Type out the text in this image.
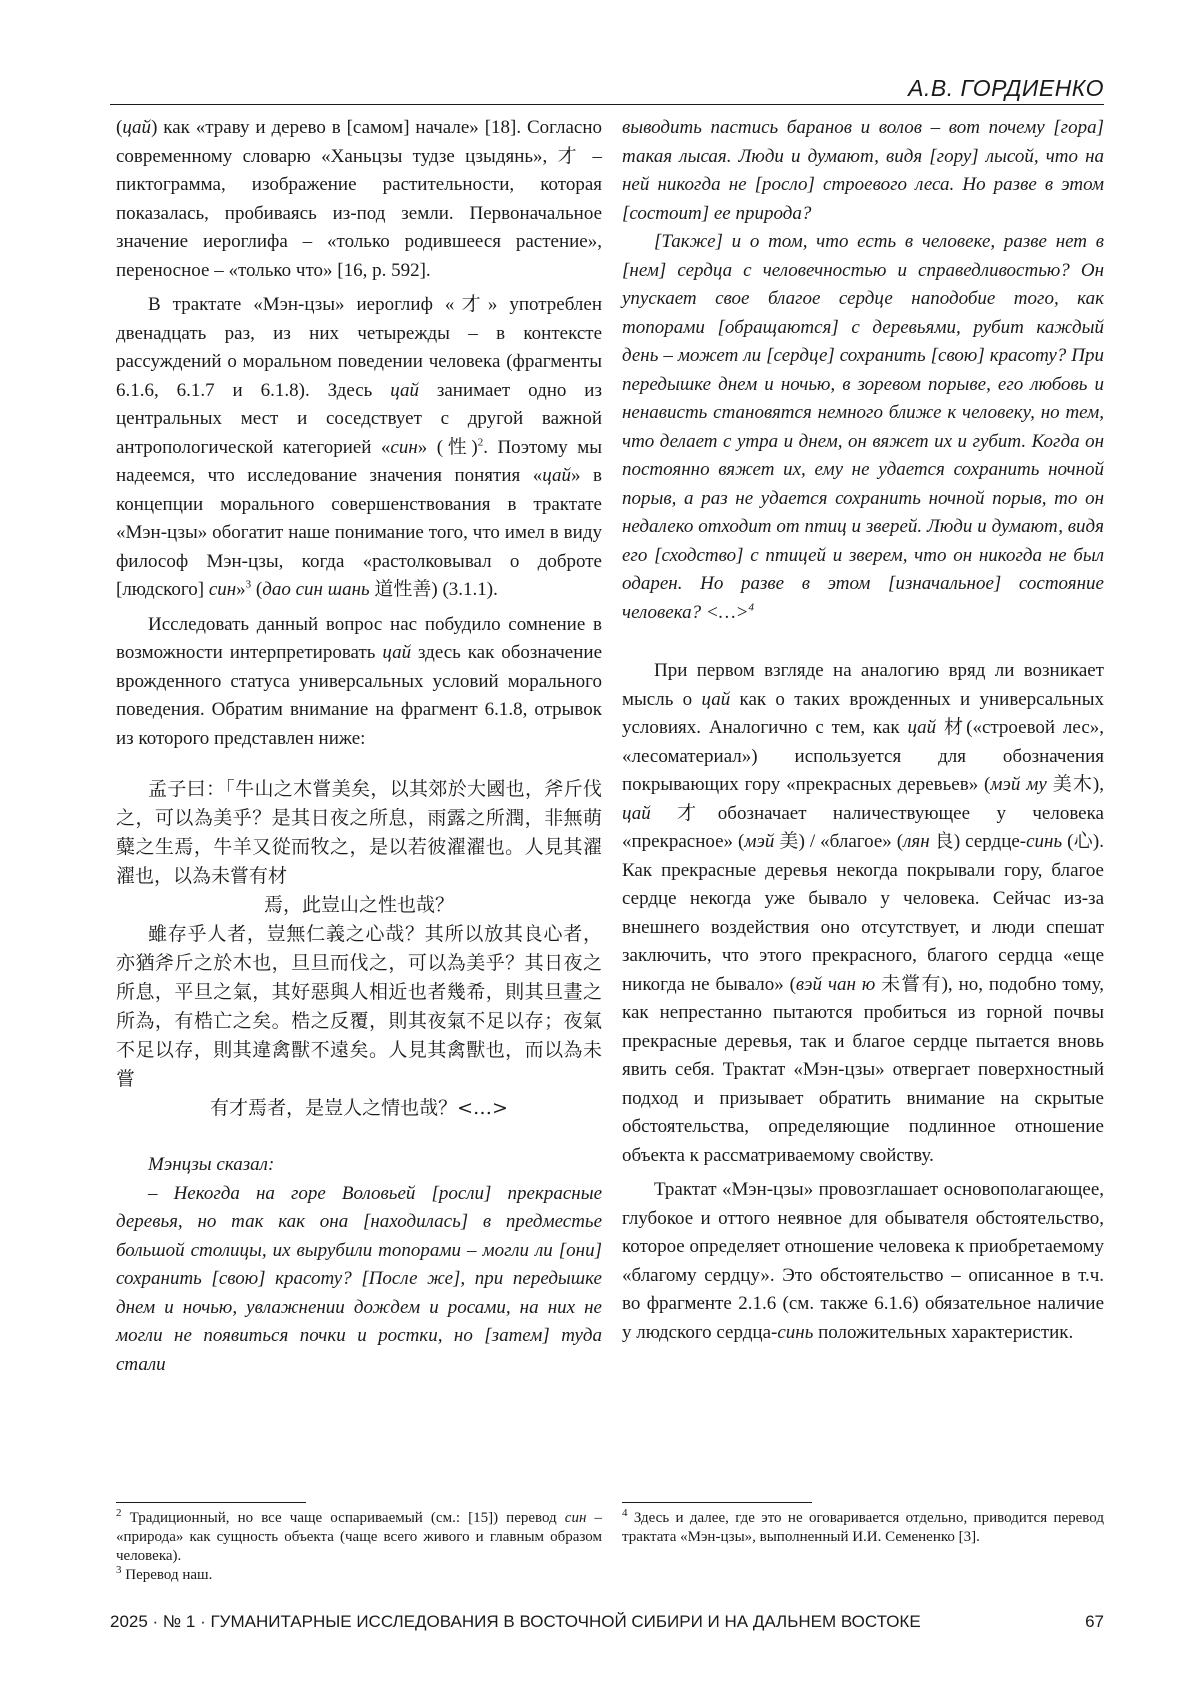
А.В. ГОРДИЕНКО

(цай) как «траву и дерево в [самом] начале» [18]. Согласно современному словарю «Ханьцзы тудзе цзыдянь», 才 – пиктограмма, изображение растительности, которая показалась, пробиваясь из-под земли. Первоначальное значение иероглифа – «только родившееся растение», переносное – «только что» [16, p. 592].

В трактате «Мэн-цзы» иероглиф «才» употреблен двенадцать раз, из них четырежды – в контексте рассуждений о моральном поведении человека (фрагменты 6.1.6, 6.1.7 и 6.1.8). Здесь цай занимает одно из центральных мест и соседствует с другой важной антропологической категорией «син» (性)$^2$. Поэтому мы надеемся, что исследование значения понятия «цай» в концепции морального совершенствования в трактате «Мэн-цзы» обогатит наше понимание того, что имел в виду философ Мэн-цзы, когда «растолковывал о доброте [людского] син»$^3$ (дао син шань 道性善) (3.1.1).

Исследовать данный вопрос нас побудило сомнение в возможности интерпретировать цай здесь как обозначение врожденного статуса универсальных условий морального поведения. Обратим внимание на фрагмент 6.1.8, отрывок из которого представлен ниже:

孟子曰：「牛山之木嘗美矣，以其郊於大國也，斧斤伐之，可以為美乎？是其日夜之所息，雨露之所潤，非無萌糵之生焉，牛羊又從而牧之，是以若彼濯濯也。人見其濯濯也，以為未嘗有材

焉，此豈山之性也哉？

雖存乎人者，豈無仁義之心哉？其所以放其良心者，亦猶斧斤之於木也，旦旦而伐之，可以為美乎？其日夜之所息，平旦之氣，其好惡與人相近也者幾希，則其旦晝之所為，有梏亡之矣。梏之反覆，則其夜氣不足以存；夜氣不足以存，則其違禽獸不遠矣。人見其禽獸也，而以為未嘗

有才焉者，是豈人之情也哉？<…>

Мэнцзы сказал:

– Некогда на горе Воловьей [росли] прекрасные деревья, но так как она [находилась] в предместье большой столицы, их вырубили топорами – могли ли [они] сохранить [свою] красоту? [После же], при передышке днем и ночью, увлажнении дождем и росами, на них не могли не появиться почки и ростки, но [затем] туда стали

выводить пастись баранов и волов – вот почему [гора] такая лысая. Люди и думают, видя [гору] лысой, что на ней никогда не [росло] строевого леса. Но разве в этом [состоит] ее природа?

[Также] и о том, что есть в человеке, разве нет в [нем] сердца с человечностью и справедливостью? Он упускает свое благое сердце наподобие того, как топорами [обращаются] с деревьями, рубит каждый день – может ли [сердце] сохранить [свою] красоту? При передышке днем и ночью, в зоревом порыве, его любовь и ненависть становятся немного ближе к человеку, но тем, что делает с утра и днем, он вяжет их и губит. Когда он постоянно вяжет их, ему не удается сохранить ночной порыв, а раз не удается сохранить ночной порыв, то он недалеко отходит от птиц и зверей. Люди и думают, видя его [сходство] с птицей и зверем, что он никогда не был одарен. Но разве в этом [изначальное] состояние человека? <…>$^4$

При первом взгляде на аналогию вряд ли возникает мысль о цай как о таких врожденных и универсальных условиях. Аналогично с тем, как цай 材(«строевой лес», «лесоматериал») используется для обозначения покрывающих гору «прекрасных деревьев» (мэй му 美木), цай 才обозначает наличествующее у человека «прекрасное» (мэй 美) / «благое» (лян 良) сердце-синь (心). Как прекрасные деревья некогда покрывали гору, благое сердце некогда уже бывало у человека. Сейчас из-за внешнего воздействия оно отсутствует, и люди спешат заключить, что этого прекрасного, благого сердца «еще никогда не бывало» (вэй чан ю 未嘗有), но, подобно тому, как непрестанно пытаются пробиться из горной почвы прекрасные деревья, так и благое сердце пытается вновь явить себя. Трактат «Мэн-цзы» отвергает поверхностный подход и призывает обратить внимание на скрытые обстоятельства, определяющие подлинное отношение объекта к рассматриваемому свойству.

Трактат «Мэн-цзы» провозглашает основополагающее, глубокое и оттого неявное для обывателя обстоятельство, которое определяет отношение человека к приобретаемому «благому сердцу». Это обстоятельство – описанное в т.ч. во фрагменте 2.1.6 (см. также 6.1.6) обязательное наличие у людского сердца-синь положительных характеристик.

$^2$ Традиционный, но все чаще оспариваемый (см.: [15]) перевод син – «природа» как сущность объекта (чаще всего живого и главным образом человека).

$^3$ Перевод наш.

$^4$ Здесь и далее, где это не оговаривается отдельно, приводится перевод трактата «Мэн-цзы», выполненный И.И. Семененко [3].

2025 · № 1 · ГУМАНИТАРНЫЕ ИССЛЕДОВАНИЯ В ВОСТОЧНОЙ СИБИРИ И НА ДАЛЬНЕМ ВОСТОКЕ	67
